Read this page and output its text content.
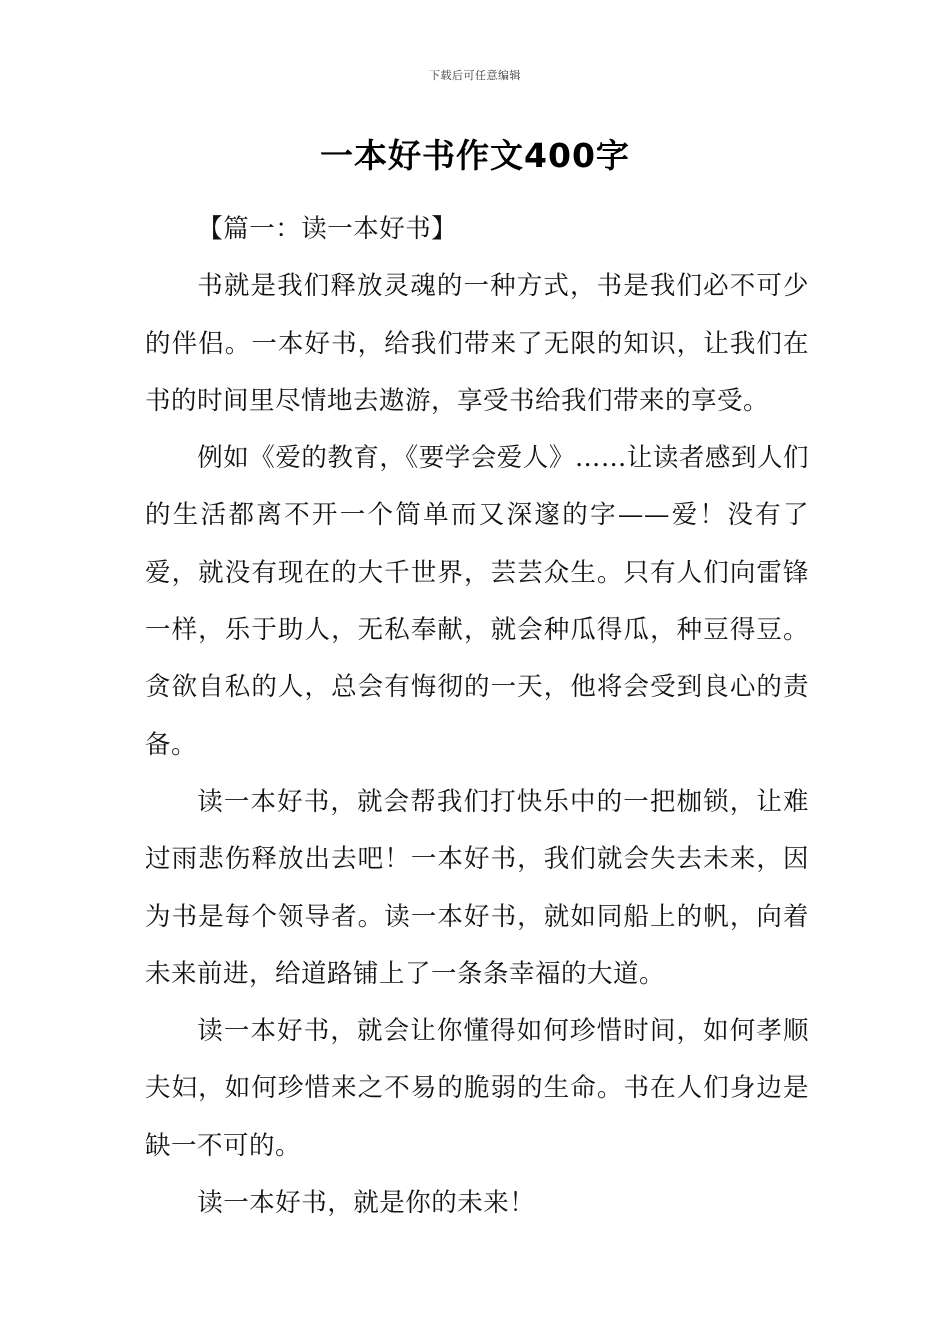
下载后可任意编辑
一本好书作文400字

【篇一：读一本好书】

书就是我们释放灵魂的一种方式，书是我们必不可少的伴侣。一本好书，给我们带来了无限的知识，让我们在书的时间里尽情地去遨游，享受书给我们带来的享受。

例如《爱的教育，《要学会爱人》……让读者感到人们的生活都离不开一个简单而又深邃的字——爱！没有了爱，就没有现在的大千世界，芸芸众生。只有人们向雷锋一样，乐于助人，无私奉献，就会种瓜得瓜，种豆得豆。贪欲自私的人，总会有悔彻的一天，他将会受到良心的责备。

读一本好书，就会帮我们打快乐中的一把枷锁，让难过雨悲伤释放出去吧！一本好书，我们就会失去未来，因为书是每个领导者。读一本好书，就如同船上的帆，向着未来前进，给道路铺上了一条条幸福的大道。

读一本好书，就会让你懂得如何珍惜时间，如何孝顺夫妇，如何珍惜来之不易的脆弱的生命。书在人们身边是缺一不可的。

读一本好书，就是你的未来！
